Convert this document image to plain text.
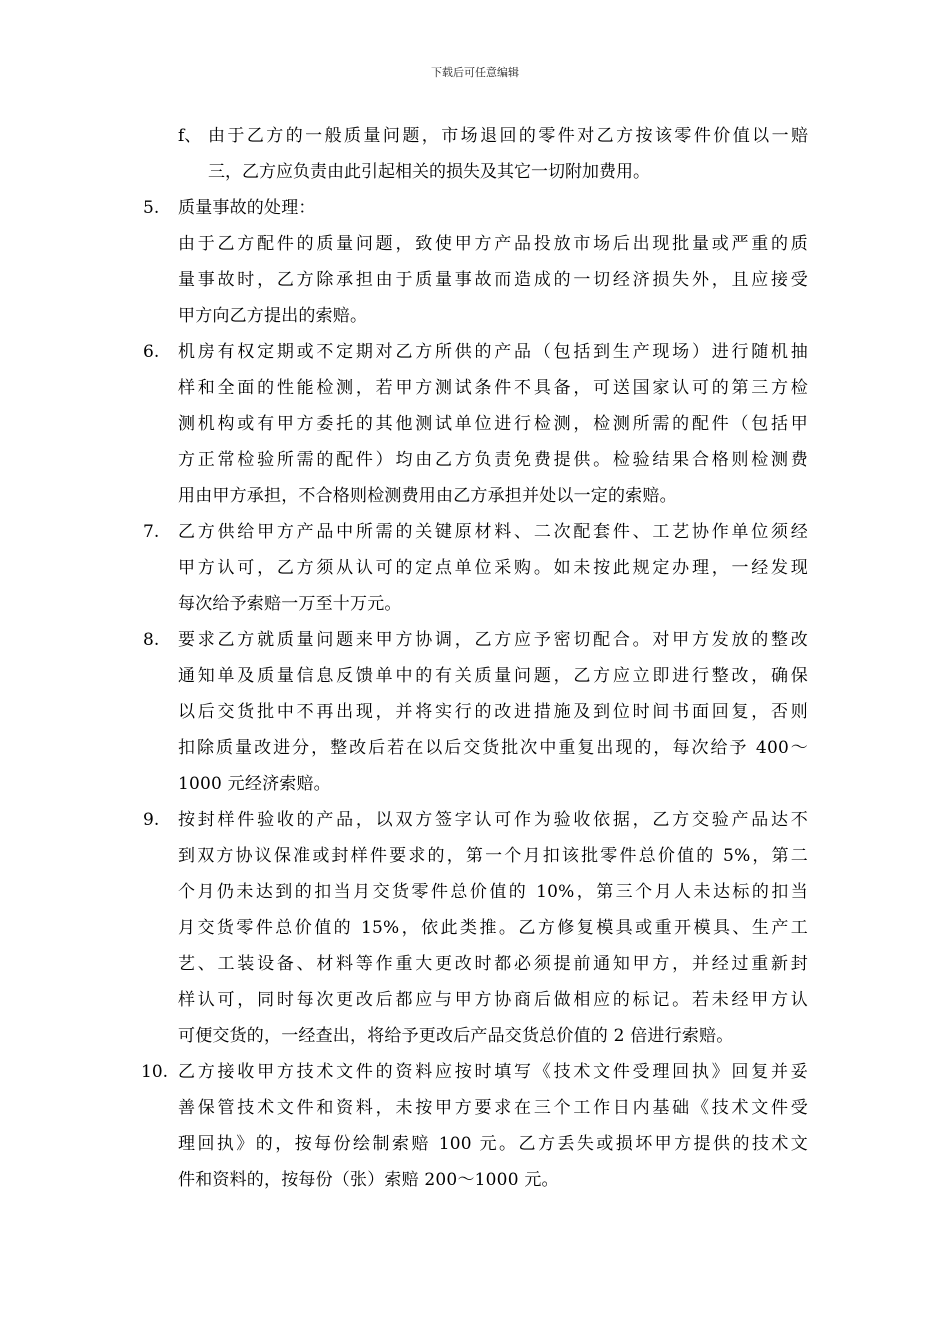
下载后可任意编辑
f、 由于乙方的一般质量问题，市场退回的零件对乙方按该零件价值以一赔
三，乙方应负责由此引起相关的损失及其它一切附加费用。
5.	质量事故的处理：
由于乙方配件的质量问题，致使甲方产品投放市场后出现批量或严重的质
量事故时，乙方除承担由于质量事故而造成的一切经济损失外，且应接受
甲方向乙方提出的索赔。
6.	机房有权定期或不定期对乙方所供的产品（包括到生产现场）进行随机抽
样和全面的性能检测，若甲方测试条件不具备，可送国家认可的第三方检
测机构或有甲方委托的其他测试单位进行检测，检测所需的配件（包括甲
方正常检验所需的配件）均由乙方负责免费提供。检验结果合格则检测费
用由甲方承担，不合格则检测费用由乙方承担并处以一定的索赔。
7.	乙方供给甲方产品中所需的关键原材料、二次配套件、工艺协作单位须经
甲方认可，乙方须从认可的定点单位采购。如未按此规定办理，一经发现
每次给予索赔一万至十万元。
8.	要求乙方就质量问题来甲方协调，乙方应予密切配合。对甲方发放的整改
通知单及质量信息反馈单中的有关质量问题，乙方应立即进行整改，确保
以后交货批中不再出现，并将实行的改进措施及到位时间书面回复，否则
扣除质量改进分，整改后若在以后交货批次中重复出现的，每次给予 400～
1000 元经济索赔。
9.	按封样件验收的产品，以双方签字认可作为验收依据，乙方交验产品达不
到双方协议保准或封样件要求的，第一个月扣该批零件总价值的 5%，第二
个月仍未达到的扣当月交货零件总价值的 10%，第三个月人未达标的扣当
月交货零件总价值的 15%，依此类推。乙方修复模具或重开模具、生产工
艺、工装设备、材料等作重大更改时都必须提前通知甲方，并经过重新封
样认可，同时每次更改后都应与甲方协商后做相应的标记。若未经甲方认
可便交货的，一经查出，将给予更改后产品交货总价值的 2 倍进行索赔。
10. 乙方接收甲方技术文件的资料应按时填写《技术文件受理回执》回复并妥
善保管技术文件和资料，未按甲方要求在三个工作日内基础《技术文件受
理回执》的，按每份绘制索赔 100 元。乙方丢失或损坏甲方提供的技术文
件和资料的，按每份（张）索赔 200～1000 元。
